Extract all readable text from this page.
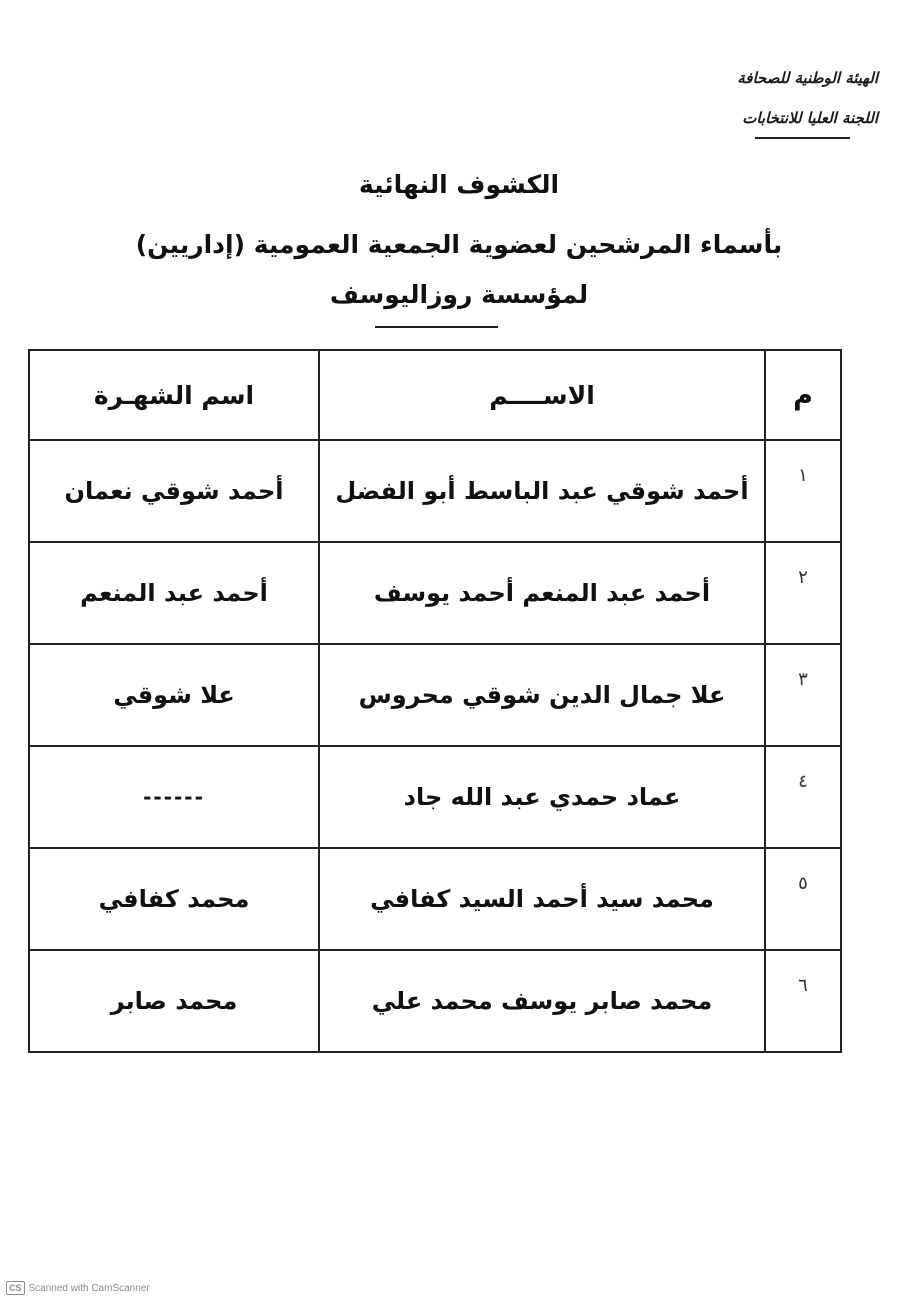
الهيئة الوطنية للصحافة
اللجنة العليا للانتخابات
الكشوف النهائية
بأسماء المرشحين لعضوية الجمعية العمومية (إداريين)
لمؤسسة روزاليوسف
م	الاســــم	اسم الشهـرة
١	أحمد شوقي عبد الباسط أبو الفضل	أحمد شوقي نعمان
٢	أحمد عبد المنعم أحمد يوسف	أحمد عبد المنعم
٣	علا جمال الدين شوقي محروس	علا شوقي
٤	عماد حمدي عبد الله جاد	------
٥	محمد سيد أحمد السيد كفافي	محمد كفافي
٦	محمد صابر يوسف محمد علي	محمد صابر
CS Scanned with CamScanner
